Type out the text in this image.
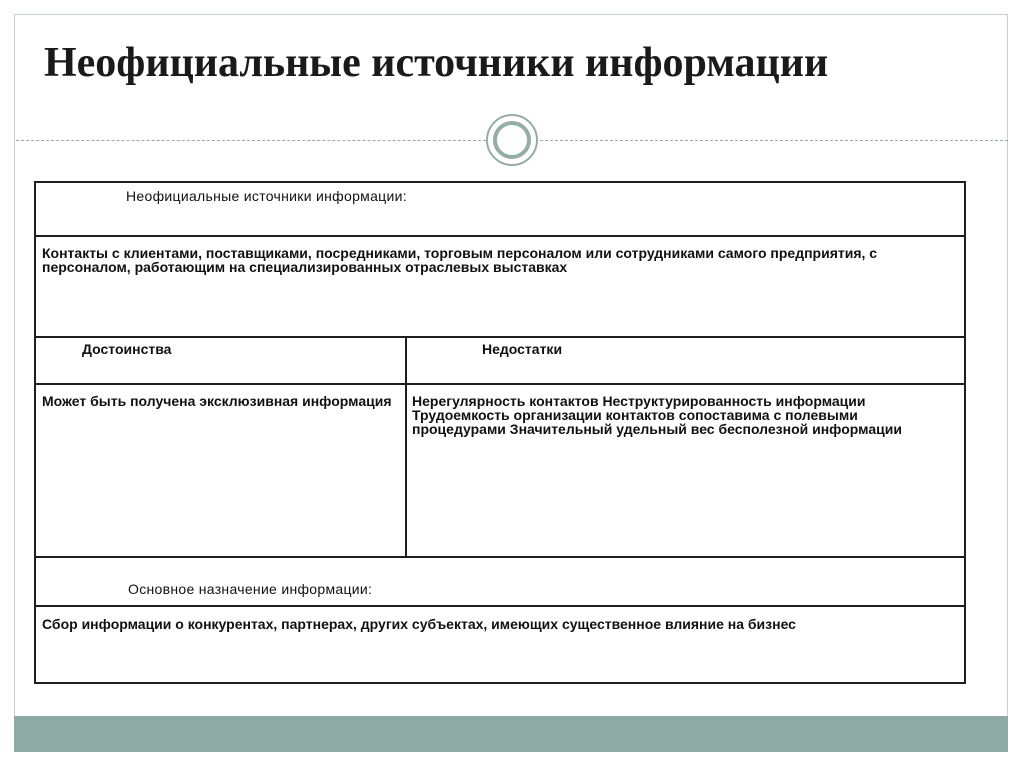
Неофициальные источники информации
Неофициальные источники информации:
Контакты с клиентами, поставщиками, посредниками, торговым персоналом или сотрудниками самого предприятия, с персоналом, работающим на специализированных отраслевых выставках
Достоинства	Недостатки
Может быть получена эксклюзивная информация Нерегулярность контактов Неструктурированность информации Трудоемкость организации контактов сопоставима с полевыми процедурами Значительный удельный вес бесполезной информации
Основное назначение информации:
Сбор информации о конкурентах, партнерах, других субъектах, имеющих существенное влияние на бизнес
